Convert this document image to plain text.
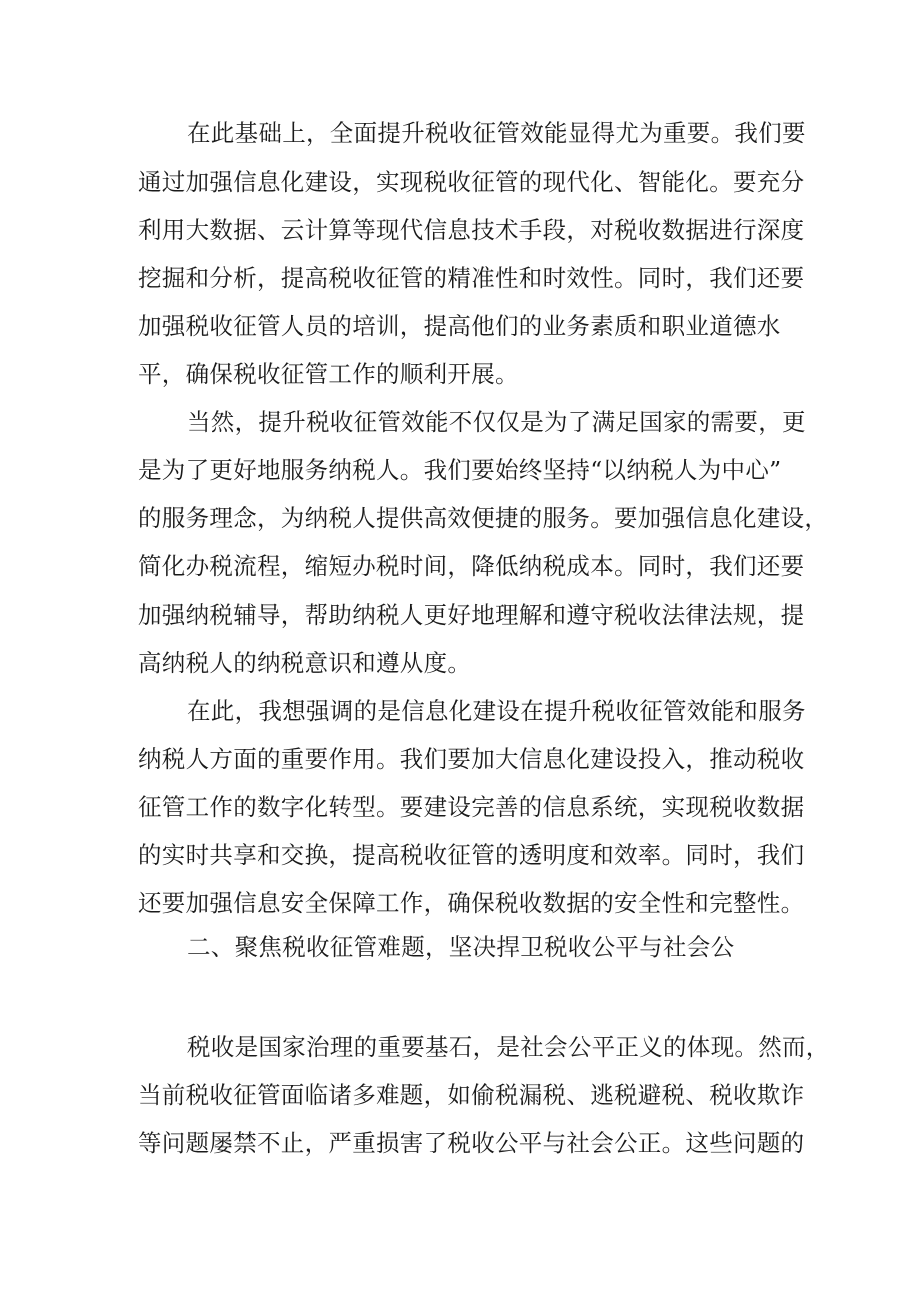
在此基础上，全面提升税收征管效能显得尤为重要。我们要
通过加强信息化建设，实现税收征管的现代化、智能化。要充分
利用大数据、云计算等现代信息技术手段，对税收数据进行深度
挖掘和分析，提高税收征管的精准性和时效性。同时，我们还要
加强税收征管人员的培训，提高他们的业务素质和职业道德水
平，确保税收征管工作的顺利开展。
当然，提升税收征管效能不仅仅是为了满足国家的需要，更
是为了更好地服务纳税人。我们要始终坚持“以纳税人为中心”
的服务理念，为纳税人提供高效便捷的服务。要加强信息化建设，
简化办税流程，缩短办税时间，降低纳税成本。同时，我们还要
加强纳税辅导，帮助纳税人更好地理解和遵守税收法律法规，提
高纳税人的纳税意识和遵从度。
在此，我想强调的是信息化建设在提升税收征管效能和服务
纳税人方面的重要作用。我们要加大信息化建设投入，推动税收
征管工作的数字化转型。要建设完善的信息系统，实现税收数据
的实时共享和交换，提高税收征管的透明度和效率。同时，我们
还要加强信息安全保障工作，确保税收数据的安全性和完整性。
二、聚焦税收征管难题，坚决捍卫税收公平与社会公
税收是国家治理的重要基石，是社会公平正义的体现。然而，
当前税收征管面临诸多难题，如偷税漏税、逃税避税、税收欺诈
等问题屡禁不止，严重损害了税收公平与社会公正。这些问题的
